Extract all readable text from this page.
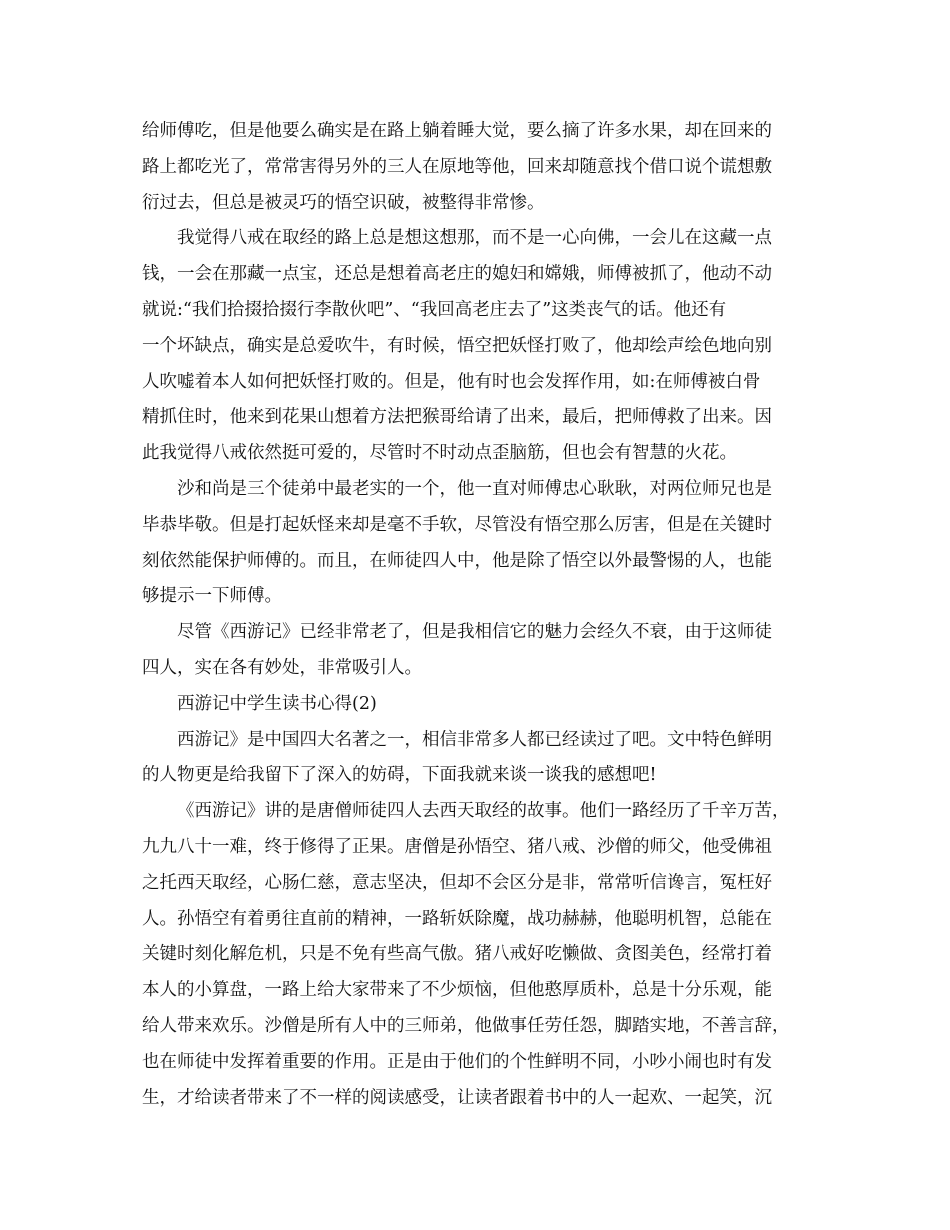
给师傅吃，但是他要么确实是在路上躺着睡大觉，要么摘了许多水果，却在回来的
路上都吃光了，常常害得另外的三人在原地等他，回来却随意找个借口说个谎想敷
衍过去，但总是被灵巧的悟空识破，被整得非常惨。
我觉得八戒在取经的路上总是想这想那，而不是一心向佛，一会儿在这藏一点
钱，一会在那藏一点宝，还总是想着高老庄的媳妇和嫦娥，师傅被抓了，他动不动
就说:“我们拾掇拾掇行李散伙吧”、“我回高老庄去了”这类丧气的话。他还有
一个坏缺点，确实是总爱吹牛，有时候，悟空把妖怪打败了，他却绘声绘色地向别
人吹嘘着本人如何把妖怪打败的。但是，他有时也会发挥作用，如:在师傅被白骨
精抓住时，他来到花果山想着方法把猴哥给请了出来，最后，把师傅救了出来。因
此我觉得八戒依然挺可爱的，尽管时不时动点歪脑筋，但也会有智慧的火花。
沙和尚是三个徒弟中最老实的一个，他一直对师傅忠心耿耿，对两位师兄也是
毕恭毕敬。但是打起妖怪来却是毫不手软，尽管没有悟空那么厉害，但是在关键时
刻依然能保护师傅的。而且，在师徒四人中，他是除了悟空以外最警惕的人，也能
够提示一下师傅。
尽管《西游记》已经非常老了，但是我相信它的魅力会经久不衰，由于这师徒
四人，实在各有妙处，非常吸引人。
西游记中学生读书心得(2)
西游记》是中国四大名著之一，相信非常多人都已经读过了吧。文中特色鲜明
的人物更是给我留下了深入的妨碍，下面我就来谈一谈我的感想吧!
《西游记》讲的是唐僧师徒四人去西天取经的故事。他们一路经历了千辛万苦，
九九八十一难，终于修得了正果。唐僧是孙悟空、猪八戒、沙僧的师父，他受佛祖
之托西天取经，心肠仁慈，意志坚决，但却不会区分是非，常常听信谗言，冤枉好
人。孙悟空有着勇往直前的精神，一路斩妖除魔，战功赫赫，他聪明机智，总能在
关键时刻化解危机，只是不免有些高气傲。猪八戒好吃懒做、贪图美色，经常打着
本人的小算盘，一路上给大家带来了不少烦恼，但他憨厚质朴，总是十分乐观，能
给人带来欢乐。沙僧是所有人中的三师弟，他做事任劳任怨，脚踏实地，不善言辞，
也在师徒中发挥着重要的作用。正是由于他们的个性鲜明不同，小吵小闹也时有发
生，才给读者带来了不一样的阅读感受，让读者跟着书中的人一起欢、一起笑，沉
